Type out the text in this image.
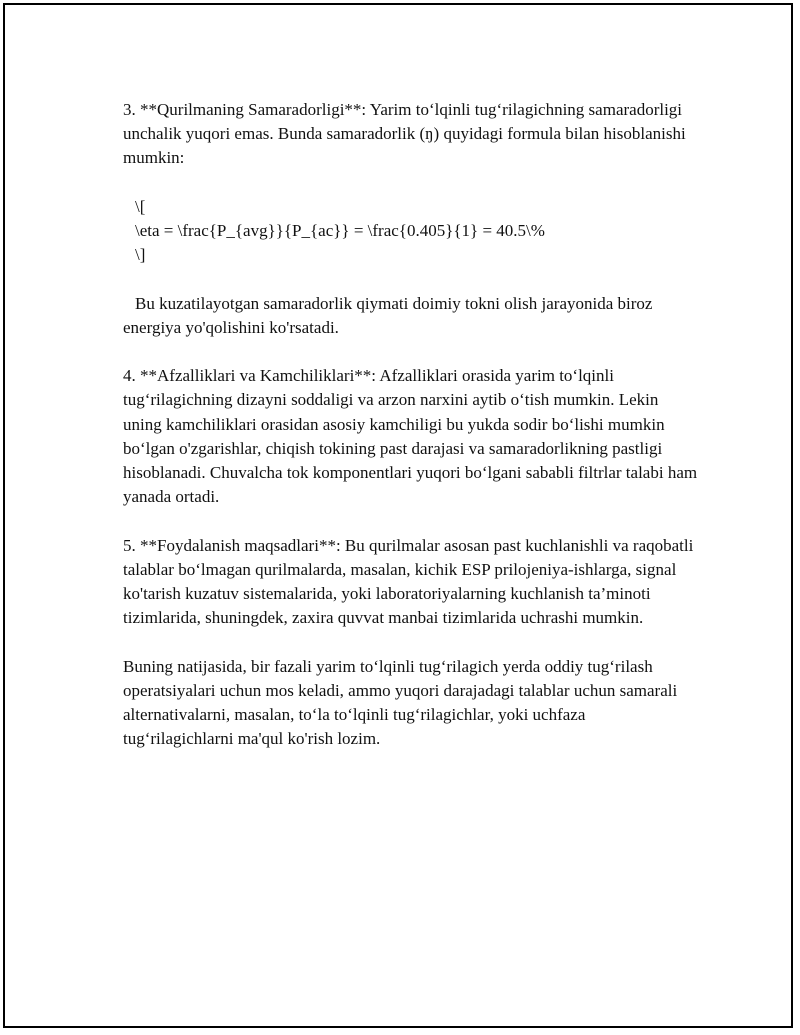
3. **Qurilmaning Samaradorligi**: Yarim to‘lqinli tug‘rilagichning samaradorligi unchalik yuqori emas. Bunda samaradorlik (ŋ) quyidagi formula bilan hisoblanishi mumkin:

\[
\eta = \frac{P_{avg}}{P_{ac}} = \frac{0.405}{1} = 40.5\%
\]

Bu kuzatilayotgan samaradorlik qiymati doimiy tokni olish jarayonida biroz energiya yo'qolishini ko'rsatadi.

4. **Afzalliklari va Kamchiliklari**: Afzalliklari orasida yarim to‘lqinli tug‘rilagichning dizayni soddaligi va arzon narxini aytib o‘tish mumkin. Lekin uning kamchiliklari orasidan asosiy kamchiligi bu yukda sodir bo‘lishi mumkin bo‘lgan o'zgarishlar, chiqish tokining past darajasi va samaradorlikning pastligi hisoblanadi. Chuvalcha tok komponentlari yuqori bo‘lgani sababli filtrlar talabi ham yanada ortadi.

5. **Foydalanish maqsadlari**: Bu qurilmalar asosan past kuchlanishli va raqobatli talablar bo‘lmagan qurilmalarda, masalan, kichik ESP prilojeniya-ishlarga, signal ko'tarish kuzatuv sistemalarida, yoki laboratoriyalarning kuchlanish ta’minoti tizimlarida, shuningdek, zaxira quvvat manbai tizimlarida uchrashi mumkin.

Buning natijasida, bir fazali yarim to‘lqinli tug‘rilagich yerda oddiy tug‘rilash operatsiyalari uchun mos keladi, ammo yuqori darajadagi talablar uchun samarali alternativalarni, masalan, to‘la to‘lqinli tug‘rilagichlar, yoki uchfaza tug‘rilagichlarni ma'qul ko'rish lozim.
